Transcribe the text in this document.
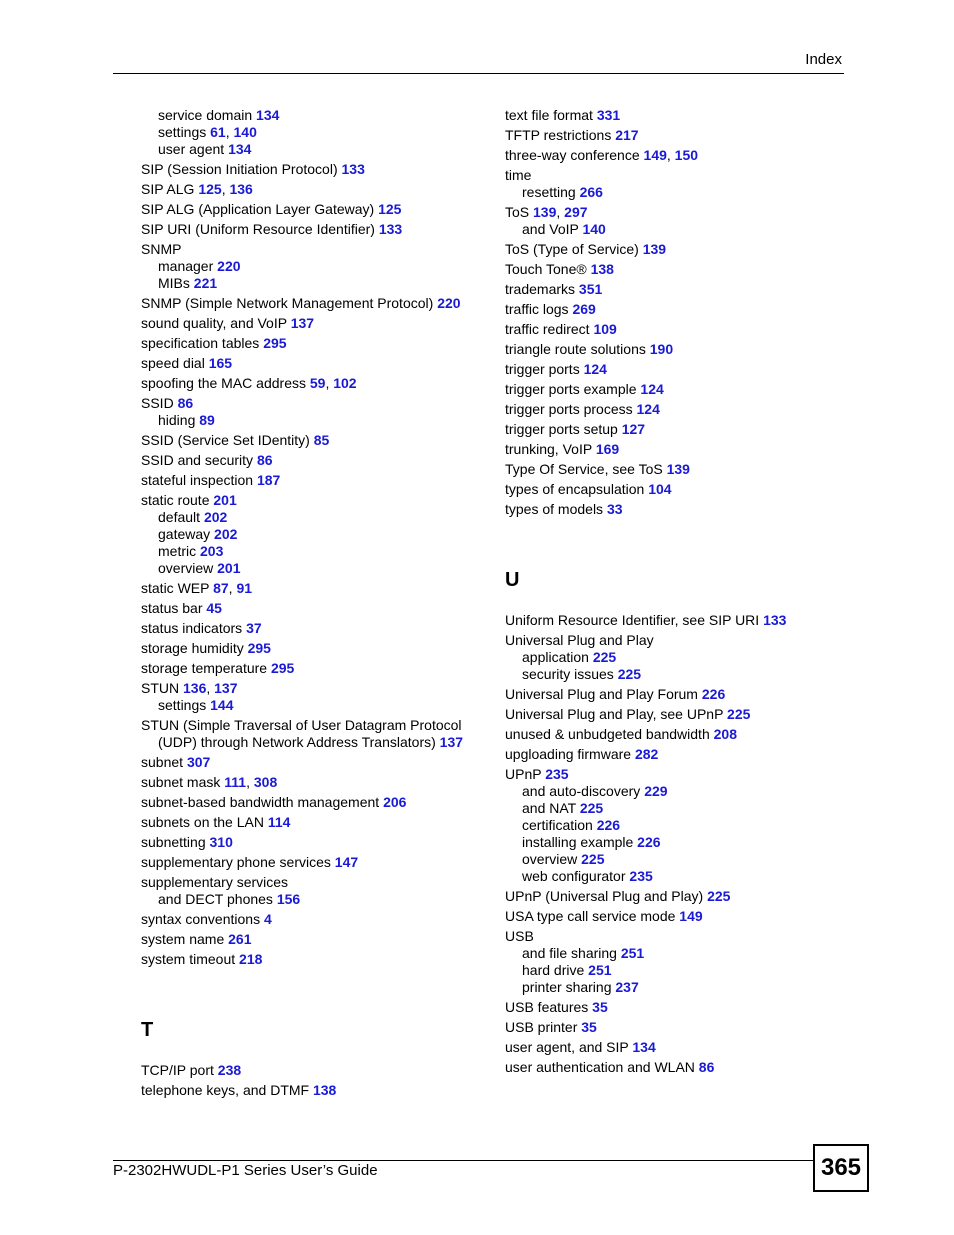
Index
service domain 134
settings 61, 140
user agent 134
SIP (Session Initiation Protocol) 133
SIP ALG 125, 136
SIP ALG (Application Layer Gateway) 125
SIP URI (Uniform Resource Identifier) 133
SNMP
manager 220
MIBs 221
SNMP (Simple Network Management Protocol) 220
sound quality, and VoIP 137
specification tables 295
speed dial 165
spoofing the MAC address 59, 102
SSID 86
hiding 89
SSID (Service Set IDentity) 85
SSID and security 86
stateful inspection 187
static route 201
default 202
gateway 202
metric 203
overview 201
static WEP 87, 91
status bar 45
status indicators 37
storage humidity 295
storage temperature 295
STUN 136, 137
settings 144
STUN (Simple Traversal of User Datagram Protocol
(UDP) through Network Address Translators) 137
subnet 307
subnet mask 111, 308
subnet-based bandwidth management 206
subnets on the LAN 114
subnetting 310
supplementary phone services 147
supplementary services
and DECT phones 156
syntax conventions 4
system name 261
system timeout 218
T
TCP/IP port 238
telephone keys, and DTMF 138
text file format 331
TFTP restrictions 217
three-way conference 149, 150
time
resetting 266
ToS 139, 297
and VoIP 140
ToS (Type of Service) 139
Touch Tone® 138
trademarks 351
traffic logs 269
traffic redirect 109
triangle route solutions 190
trigger ports 124
trigger ports example 124
trigger ports process 124
trigger ports setup 127
trunking, VoIP 169
Type Of Service, see ToS 139
types of encapsulation 104
types of models 33
U
Uniform Resource Identifier, see SIP URI 133
Universal Plug and Play
application 225
security issues 225
Universal Plug and Play Forum 226
Universal Plug and Play, see UPnP 225
unused & unbudgeted bandwidth 208
upgloading firmware 282
UPnP 235
and auto-discovery 229
and NAT 225
certification 226
installing example 226
overview 225
web configurator 235
UPnP (Universal Plug and Play) 225
USA type call service mode 149
USB
and file sharing 251
hard drive 251
printer sharing 237
USB features 35
USB printer 35
user agent, and SIP 134
user authentication and WLAN 86
P-2302HWUDL-P1 Series User’s Guide	365
